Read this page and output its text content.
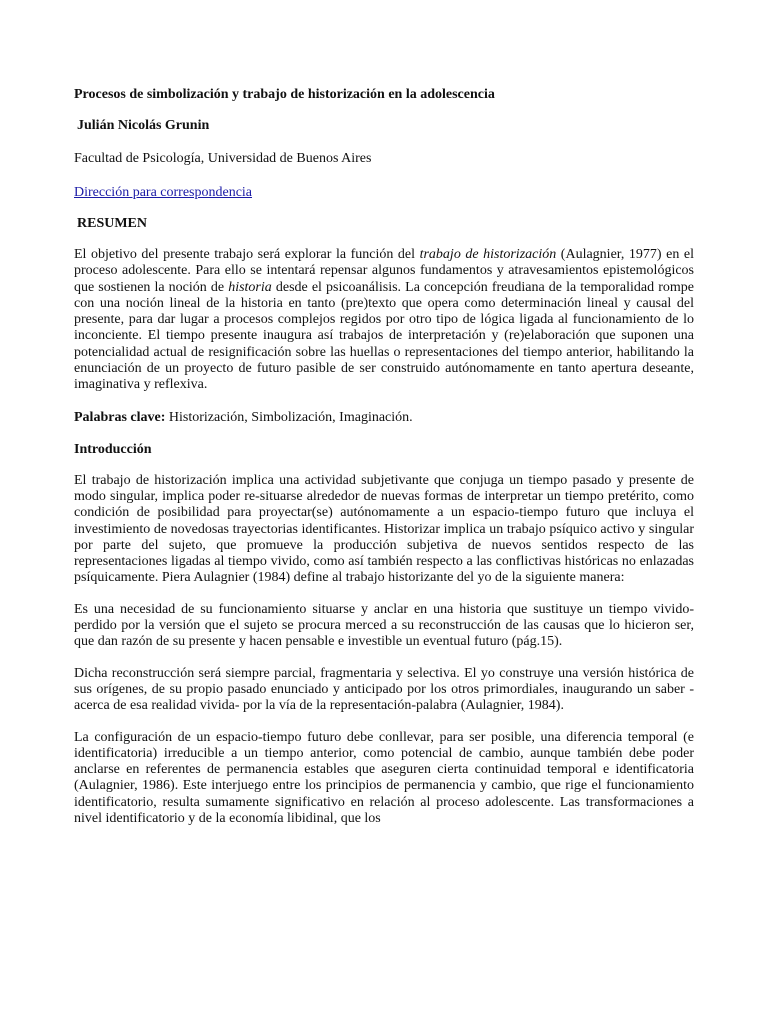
Procesos de simbolización y trabajo de historización en la adolescencia
Julián Nicolás Grunin
Facultad de Psicología, Universidad de Buenos Aires
Dirección para correspondencia
RESUMEN

El objetivo del presente trabajo será explorar la función del trabajo de historización (Aulagnier, 1977) en el proceso adolescente. Para ello se intentará repensar algunos fundamentos y atravesamientos epistemológicos que sostienen la noción de historia desde el psicoanálisis. La concepción freudiana de la temporalidad rompe con una noción lineal de la historia en tanto (pre)texto que opera como determinación lineal y causal del presente, para dar lugar a procesos complejos regidos por otro tipo de lógica ligada al funcionamiento de lo inconciente. El tiempo presente inaugura así trabajos de interpretación y (re)elaboración que suponen una potencialidad actual de resignificación sobre las huellas o representaciones del tiempo anterior, habilitando la enunciación de un proyecto de futuro pasible de ser construido autónomamente en tanto apertura deseante, imaginativa y reflexiva.

Palabras clave: Historización, Simbolización, Imaginación.
Introducción

El trabajo de historización implica una actividad subjetivante que conjuga un tiempo pasado y presente de modo singular, implica poder re-situarse alrededor de nuevas formas de interpretar un tiempo pretérito, como condición de posibilidad para proyectar(se) autónomamente a un espacio-tiempo futuro que incluya el investimiento de novedosas trayectorias identificantes. Historizar implica un trabajo psíquico activo y singular por parte del sujeto, que promueve la producción subjetiva de nuevos sentidos respecto de las representaciones ligadas al tiempo vivido, como así también respecto a las conflictivas históricas no enlazadas psíquicamente. Piera Aulagnier (1984) define al trabajo historizante del yo de la siguiente manera:

Es una necesidad de su funcionamiento situarse y anclar en una historia que sustituye un tiempo vivido-perdido por la versión que el sujeto se procura merced a su reconstrucción de las causas que lo hicieron ser, que dan razón de su presente y hacen pensable e investible un eventual futuro (pág.15).

Dicha reconstrucción será siempre parcial, fragmentaria y selectiva. El yo construye una versión histórica de sus orígenes, de su propio pasado enunciado y anticipado por los otros primordiales, inaugurando un saber -acerca de esa realidad vivida- por la vía de la representación-palabra (Aulagnier, 1984).

La configuración de un espacio-tiempo futuro debe conllevar, para ser posible, una diferencia temporal (e identificatoria) irreducible a un tiempo anterior, como potencial de cambio, aunque también debe poder anclarse en referentes de permanencia estables que aseguren cierta continuidad temporal e identificatoria (Aulagnier, 1986). Este interjuego entre los principios de permanencia y cambio, que rige el funcionamiento identificatorio, resulta sumamente significativo en relación al proceso adolescente. Las transformaciones a nivel identificatorio y de la economía libidinal, que los
